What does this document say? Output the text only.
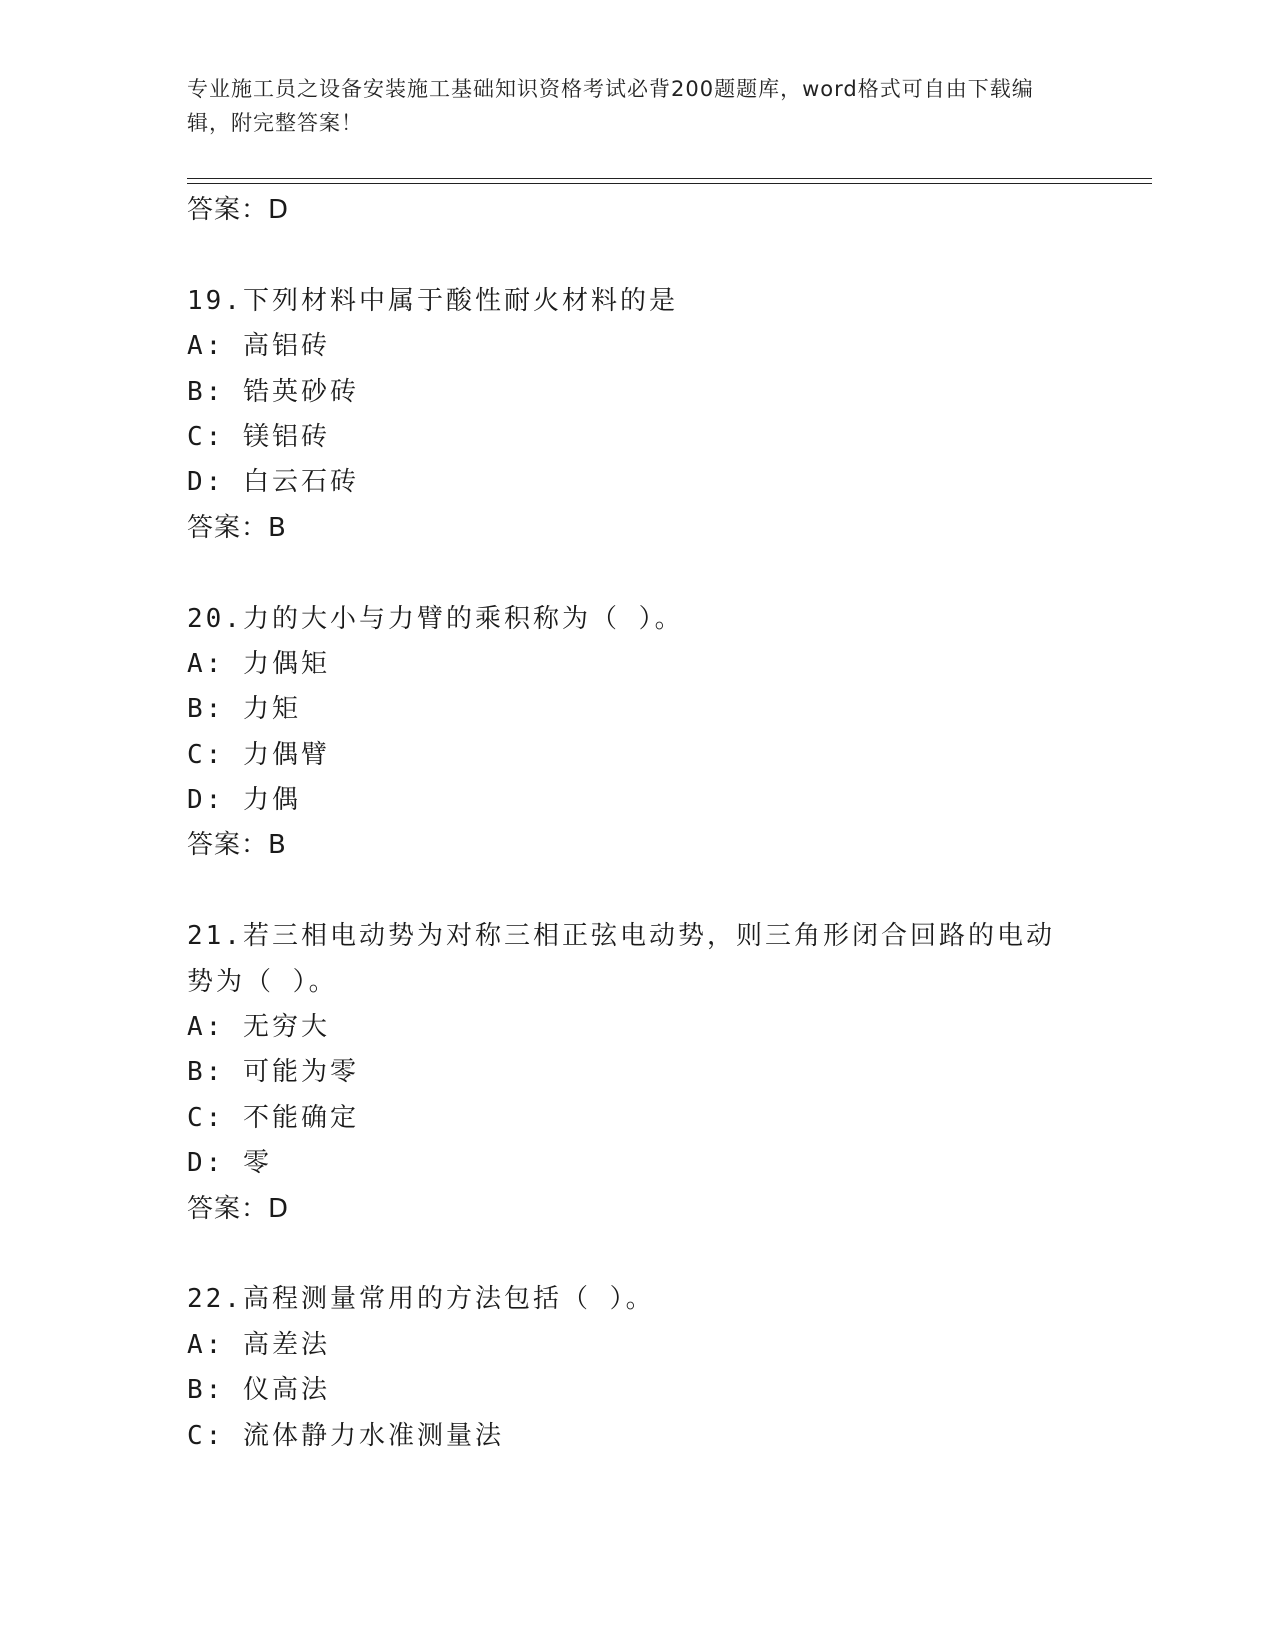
专业施工员之设备安装施工基础知识资格考试必背200题题库，word格式可自由下载编辑，附完整答案！
答案：D
19.下列材料中属于酸性耐火材料的是
A: 高铝砖
B: 锆英砂砖
C: 镁铝砖
D: 白云石砖
答案：B
20.力的大小与力臂的乘积称为（ ）。
A: 力偶矩
B: 力矩
C: 力偶臂
D: 力偶
答案：B
21.若三相电动势为对称三相正弦电动势，则三角形闭合回路的电动势为（ ）。
A: 无穷大
B: 可能为零
C: 不能确定
D: 零
答案：D
22.高程测量常用的方法包括（ ）。
A: 高差法
B: 仪高法
C: 流体静力水准测量法
